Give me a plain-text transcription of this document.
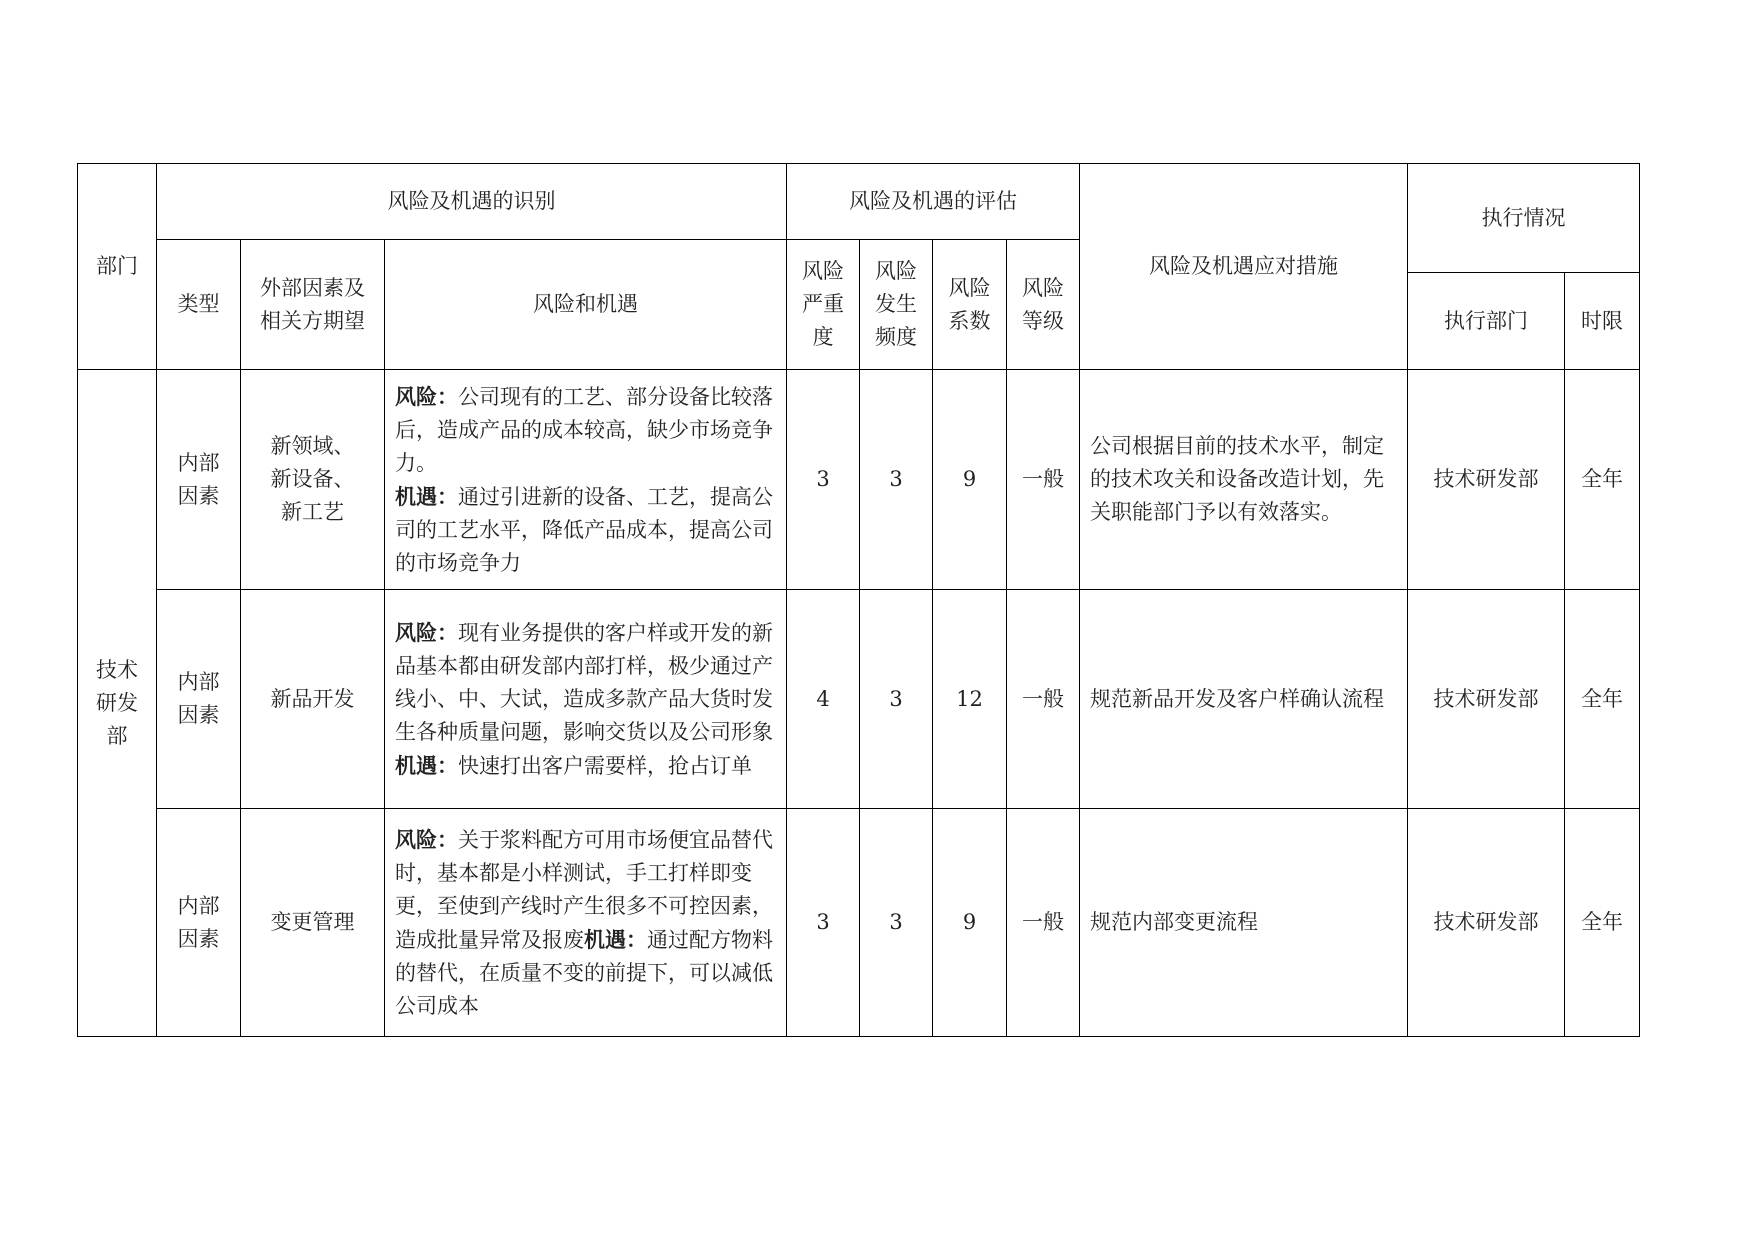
部门	风险及机遇的识别			风险及机遇的评估				风险及机遇应对措施	执行情况	
	类型	外部因素及相关方期望	风险和机遇	风险严重度	风险发生频度	风险系数	风险等级			
									执行部门	时限
技术研发部	内部因素	新领域、新设备、新工艺	风险：公司现有的工艺、部分设备比较落后，造成产品的成本较高，缺少市场竞争力。
机遇：通过引进新的设备、工艺，提高公司的工艺水平，降低产品成本，提高公司的市场竞争力	3	3	9	一般	公司根据目前的技术水平，制定的技术攻关和设备改造计划，先关职能部门予以有效落实。	技术研发部	全年
	内部因素	新品开发	风险：现有业务提供的客户样或开发的新品基本都由研发部内部打样，极少通过产线小、中、大试，造成多款产品大货时发生各种质量问题，影响交货以及公司形象
机遇：快速打出客户需要样，抢占订单	4	3	12	一般	规范新品开发及客户样确认流程	技术研发部	全年
	内部因素	变更管理	风险：关于浆料配方可用市场便宜品替代时，基本都是小样测试，手工打样即变更，至使到产线时产生很多不可控因素，造成批量异常及报废机遇：通过配方物料的替代，在质量不变的前提下，可以减低公司成本	3	3	9	一般	规范内部变更流程	技术研发部	全年
